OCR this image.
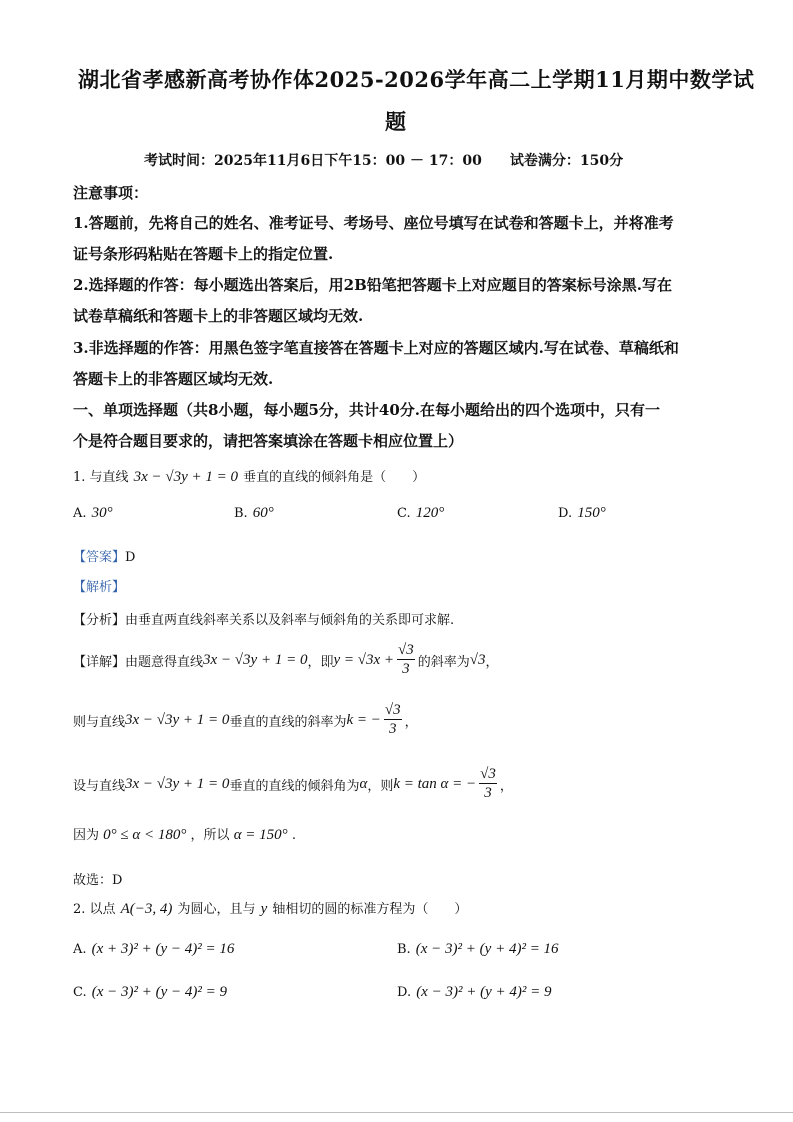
湖北省孝感新高考协作体2025-2026学年高二上学期11月期中数学试
题
考试时间：2025年11月6日下午15：00 － 17：00　　试卷满分：150分
注意事项：
1.答题前，先将自己的姓名、准考证号、考场号、座位号填写在试卷和答题卡上，并将准考
证号条形码粘贴在答题卡上的指定位置.
2.选择题的作答：每小题选出答案后，用2B铅笔把答题卡上对应题目的答案标号涂黑.写在
试卷草稿纸和答题卡上的非答题区域均无效.
3.非选择题的作答：用黑色签字笔直接答在答题卡上对应的答题区域内.写在试卷、草稿纸和
答题卡上的非答题区域均无效.
一、单项选择题（共8小题，每小题5分，共计40分.在每小题给出的四个选项中，只有一
个是符合题目要求的，请把答案填涂在答题卡相应位置上）
1. 与直线 3x − √3y + 1 = 0 垂直的直线的倾斜角是（　　）
A. 30°	B. 60°	C. 120°	D. 150°
【答案】D
【解析】
【分析】由垂直两直线斜率关系以及斜率与倾斜角的关系即可求解.
【详解】 由题意得直线 3x − √3y + 1 = 0 ，即 $y = √3x + \frac{√3}{3}$ 的斜率为 √3 ，
则与直线 3x − √3y + 1 = 0 垂直的直线的斜率为 k = − $\frac{√3}{3}$ ，
设与直线 3x − √3y + 1 = 0 垂直的直线的倾斜角为 α ，则 k = tan α = − $\frac{√3}{3}$ ，
因为 0° ≤ α < 180° ，所以 α = 150° .
故选：D
2. 以点 A(−3, 4) 为圆心，且与 y 轴相切的圆的标准方程为（　　）
A. (x + 3)² + (y − 4)² = 16	B. (x − 3)² + (y + 4)² = 16
C. (x − 3)² + (y − 4)² = 9	D. (x − 3)² + (y + 4)² = 9
